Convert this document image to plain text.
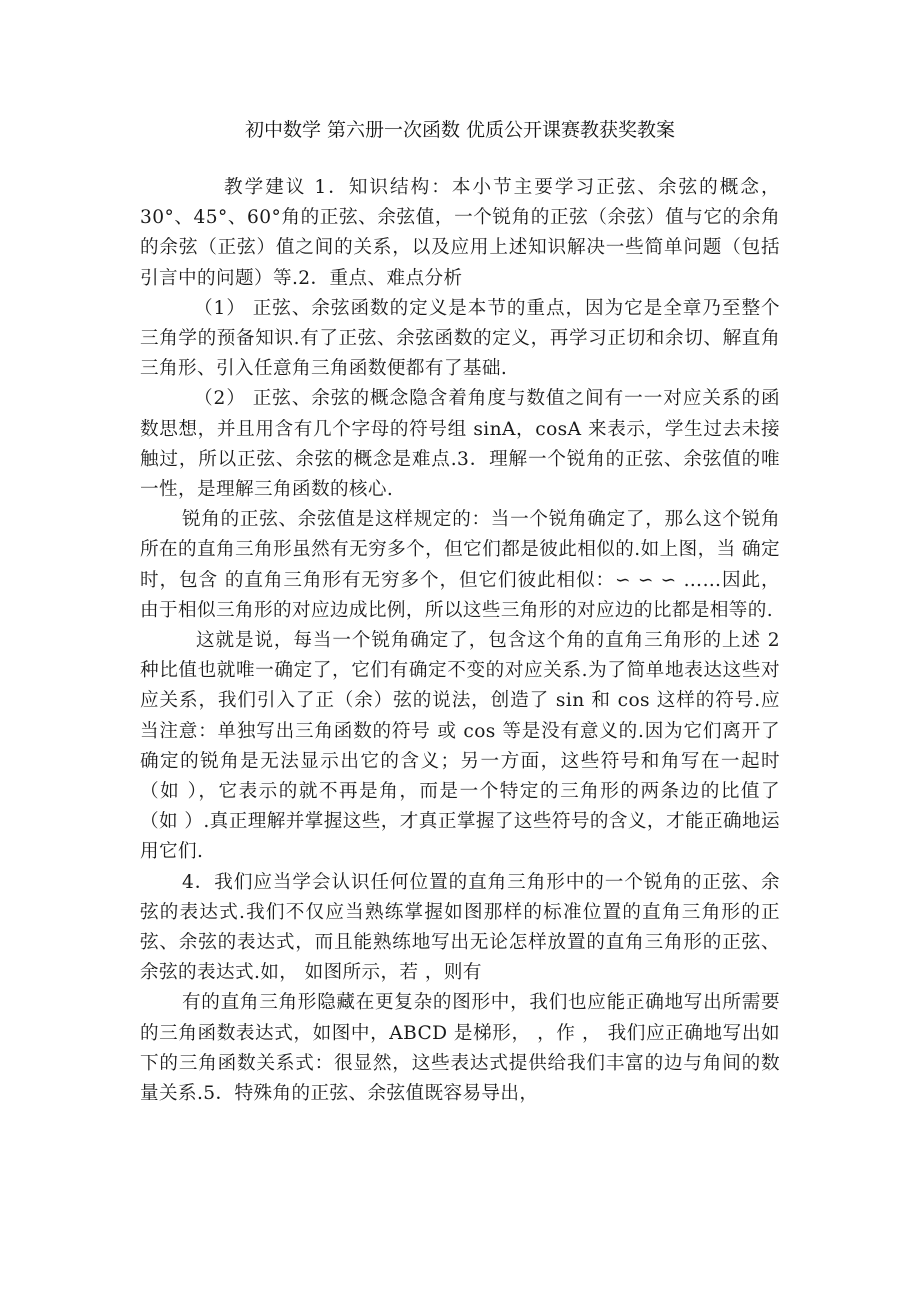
初中数学 第六册一次函数 优质公开课赛教获奖教案

教学建议 1．知识结构：本小节主要学习正弦、余弦的概念，30°、45°、60°角的正弦、余弦值，一个锐角的正弦（余弦）值与它的余角的余弦（正弦）值之间的关系，以及应用上述知识解决一些简单问题（包括引言中的问题）等.2．重点、难点分析

（1） 正弦、余弦函数的定义是本节的重点，因为它是全章乃至整个三角学的预备知识.有了正弦、余弦函数的定义，再学习正切和余切、解直角三角形、引入任意角三角函数便都有了基础.

（2） 正弦、余弦的概念隐含着角度与数值之间有一一对应关系的函数思想，并且用含有几个字母的符号组 sinA，cosA 来表示，学生过去未接触过，所以正弦、余弦的概念是难点.3．理解一个锐角的正弦、余弦值的唯一性，是理解三角函数的核心.

锐角的正弦、余弦值是这样规定的：当一个锐角确定了，那么这个锐角所在的直角三角形虽然有无穷多个，但它们都是彼此相似的.如上图，当 确定时，包含 的直角三角形有无穷多个，但它们彼此相似：∽ ∽ ∽ ……因此，由于相似三角形的对应边成比例，所以这些三角形的对应边的比都是相等的.

这就是说，每当一个锐角确定了，包含这个角的直角三角形的上述 2 种比值也就唯一确定了，它们有确定不变的对应关系.为了简单地表达这些对应关系，我们引入了正（余）弦的说法，创造了 sin 和 cos 这样的符号.应当注意：单独写出三角函数的符号 或 cos 等是没有意义的.因为它们离开了确定的锐角是无法显示出它的含义；另一方面，这些符号和角写在一起时（如 ），它表示的就不再是角，而是一个特定的三角形的两条边的比值了（如 ）.真正理解并掌握这些，才真正掌握了这些符号的含义，才能正确地运用它们.

4．我们应当学会认识任何位置的直角三角形中的一个锐角的正弦、余弦的表达式.我们不仅应当熟练掌握如图那样的标准位置的直角三角形的正弦、余弦的表达式，而且能熟练地写出无论怎样放置的直角三角形的正弦、余弦的表达式.如， 如图所示，若 ，则有

有的直角三角形隐藏在更复杂的图形中，我们也应能正确地写出所需要的三角函数表达式，如图中，ABCD 是梯形， ，作 ， 我们应正确地写出如下的三角函数关系式：很显然，这些表达式提供给我们丰富的边与角间的数量关系.5．特殊角的正弦、余弦值既容易导出，
